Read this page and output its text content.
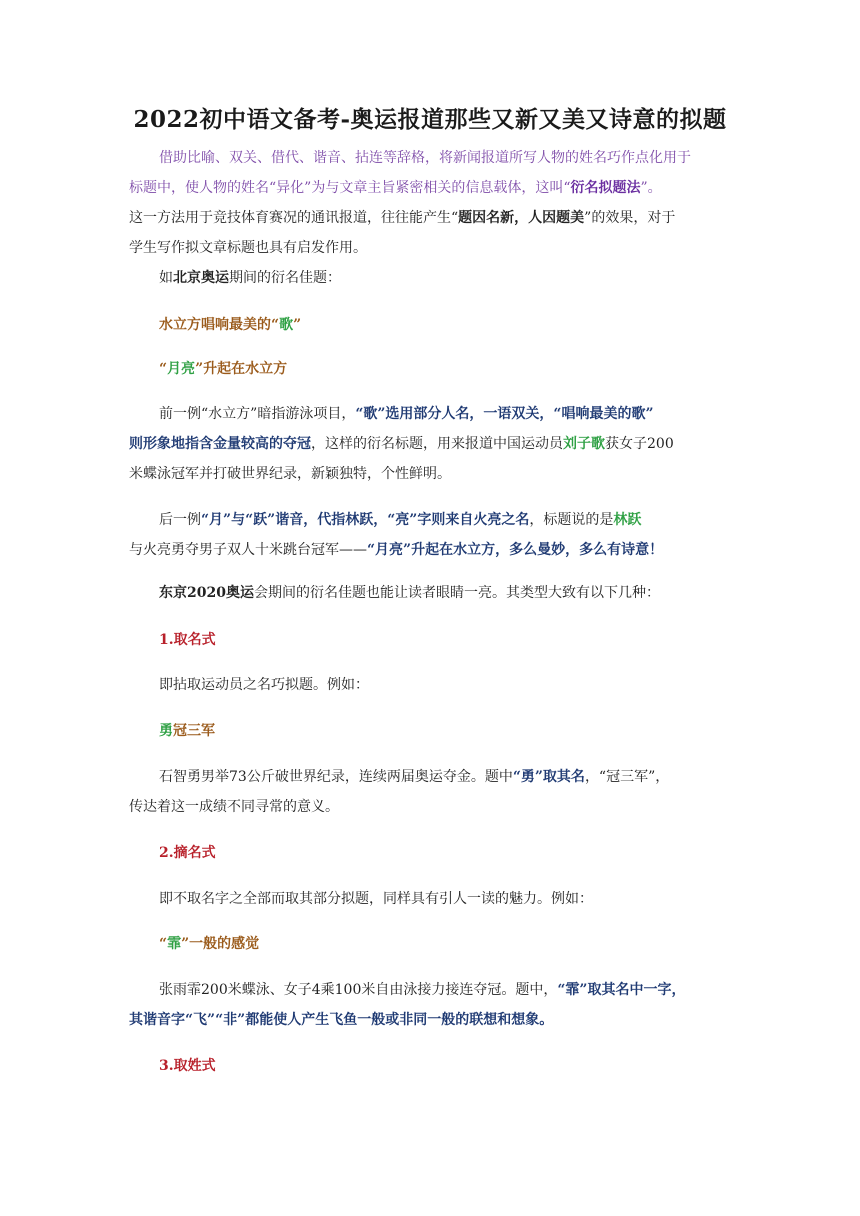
2022初中语文备考-奥运报道那些又新又美又诗意的拟题
借助比喻、双关、借代、谐音、拈连等辞格，将新闻报道所写人物的姓名巧作点化用于
标题中，使人物的姓名“异化”为与文章主旨紧密相关的信息载体，这叫“衍名拟题法”。
这一方法用于竞技体育赛况的通讯报道，往往能产生“题因名新，人因题美”的效果，对于
学生写作拟文章标题也具有启发作用。
如北京奥运期间的衍名佳题：
水立方唱响最美的“歌”
“月亮”升起在水立方
前一例“水立方”暗指游泳项目，“歌”选用部分人名，一语双关，“唱响最美的歌”
则形象地指含金量较高的夺冠，这样的衍名标题，用来报道中国运动员刘子歌获女子200
米蝶泳冠军并打破世界纪录，新颖独特，个性鲜明。
后一例“月”与“跃”谐音，代指林跃，“亮”字则来自火亮之名，标题说的是林跃
与火亮勇夺男子双人十米跳台冠军——“月亮”升起在水立方，多么曼妙，多么有诗意！
东京2020奥运会期间的衍名佳题也能让读者眼睛一亮。其类型大致有以下几种：
1.取名式
即拈取运动员之名巧拟题。例如：
勇冠三军
石智勇男举73公斤破世界纪录，连续两届奥运夺金。题中“勇”取其名，“冠三军”，
传达着这一成绩不同寻常的意义。
2.摘名式
即不取名字之全部而取其部分拟题，同样具有引人一读的魅力。例如：
“霏”一般的感觉
张雨霏200米蝶泳、女子4乘100米自由泳接力接连夺冠。题中，“霏”取其名中一字，
其谐音字“飞”“非”都能使人产生飞鱼一般或非同一般的联想和想象。
3.取姓式
